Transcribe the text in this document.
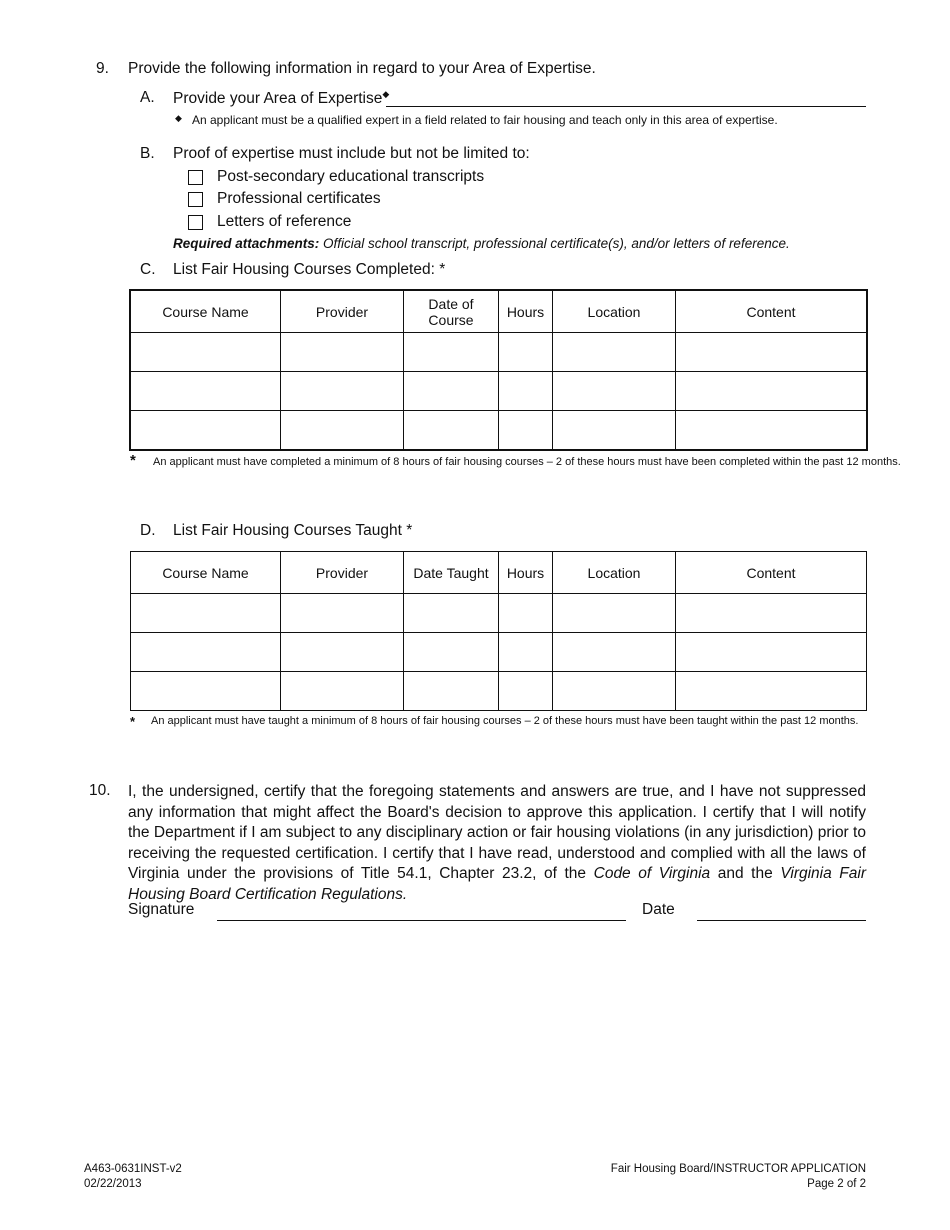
9. Provide the following information in regard to your Area of Expertise.
A. Provide your Area of Expertise◆
◆ An applicant must be a qualified expert in a field related to fair housing and teach only in this area of expertise.
B. Proof of expertise must include but not be limited to:
Post-secondary educational transcripts
Professional certificates
Letters of reference
Required attachments: Official school transcript, professional certificate(s), and/or letters of reference.
C. List Fair Housing Courses Completed: *
Course Name	Provider	Date of Course	Hours	Location	Content

* An applicant must have completed a minimum of 8 hours of fair housing courses – 2 of these hours must have been completed within the past 12 months.
D. List Fair Housing Courses Taught *
Course Name	Provider	Date Taught	Hours	Location	Content

* An applicant must have taught a minimum of 8 hours of fair housing courses – 2 of these hours must have been taught within the past 12 months.
10. I, the undersigned, certify that the foregoing statements and answers are true, and I have not suppressed any information that might affect the Board's decision to approve this application. I certify that I will notify the Department if I am subject to any disciplinary action or fair housing violations (in any jurisdiction) prior to receiving the requested certification. I certify that I have read, understood and complied with all the laws of Virginia under the provisions of Title 54.1, Chapter 23.2, of the Code of Virginia and the Virginia Fair Housing Board Certification Regulations.
Signature	Date
A463-0631INST-v2
02/22/2013
Fair Housing Board/INSTRUCTOR APPLICATION
Page 2 of 2
